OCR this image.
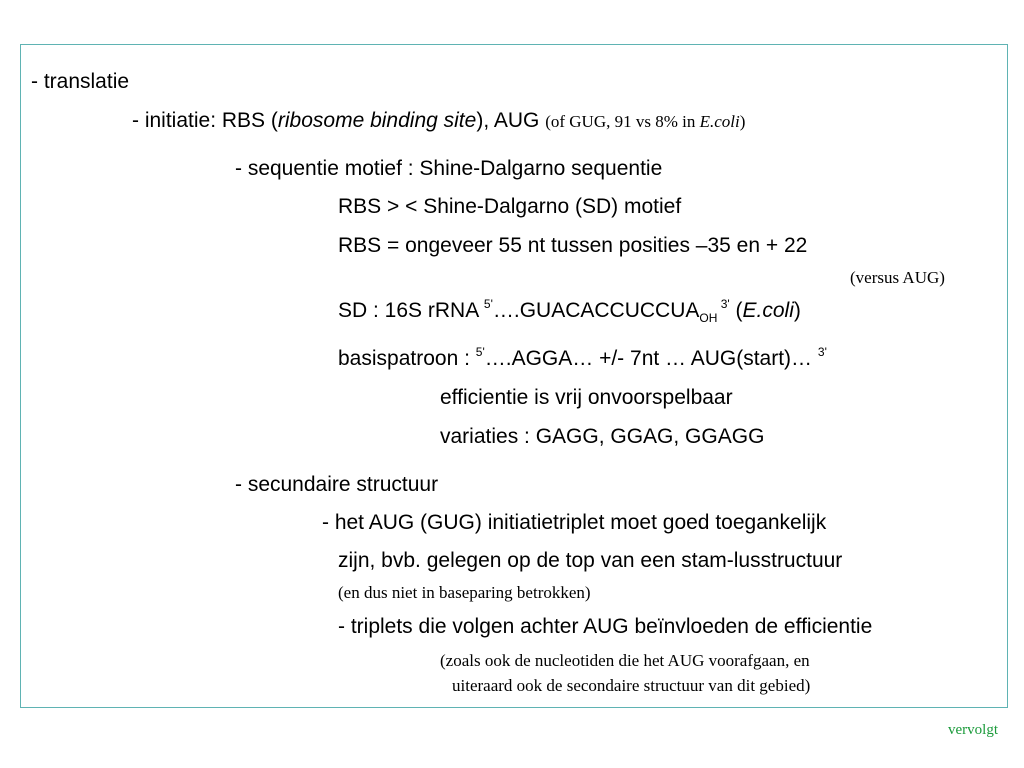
- translatie
- initiatie: RBS (ribosome binding site), AUG (of GUG, 91 vs 8% in E.coli)
- sequentie motief : Shine-Dalgarno sequentie
RBS > < Shine-Dalgarno (SD) motief
RBS = ongeveer 55 nt tussen posities –35 en + 22
(versus AUG)
SD : 16S rRNA $^{5'}\dots.GUACACCUCCUA_{OH}$ $^{3'}$ (E.coli)
basispatroon : $^{5'}$….AGGA… +/- 7nt … AUG(start)… $^{3'}$
efficientie is vrij onvoorspelbaar
variaties : GAGG, GGAG, GGAGG
- secundaire structuur
- het AUG (GUG) initiatietriplet moet goed toegankelijk
zijn, bvb. gelegen op de top van een stam-lusstructuur
(en dus niet in baseparing betrokken)
- triplets die volgen achter AUG beïnvloeden de efficientie
(zoals ook de nucleotiden die het AUG voorafgaan, en
uiteraard ook de secondaire structuur van dit gebied)
vervolgt
